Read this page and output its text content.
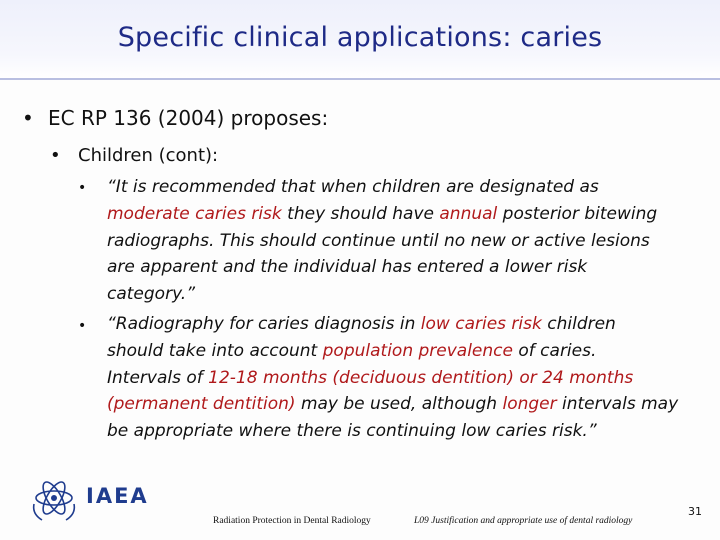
Specific clinical applications: caries
• EC RP 136 (2004) proposes:
• Children (cont):
• “It is recommended that when children are designated as
moderate caries risk they should have annual posterior bitewing
radiographs. This should continue until no new or active lesions
are apparent and the individual has entered a lower risk
category.”
• “Radiography for caries diagnosis in low caries risk children
should take into account population prevalence of caries.
Intervals of 12-18 months (deciduous dentition) or 24 months
(permanent dentition) may be used, although longer intervals may
be appropriate where there is continuing low caries risk.”
IAEA
Radiation Protection in Dental Radiology	L09 Justification and appropriate use of dental radiology
31
